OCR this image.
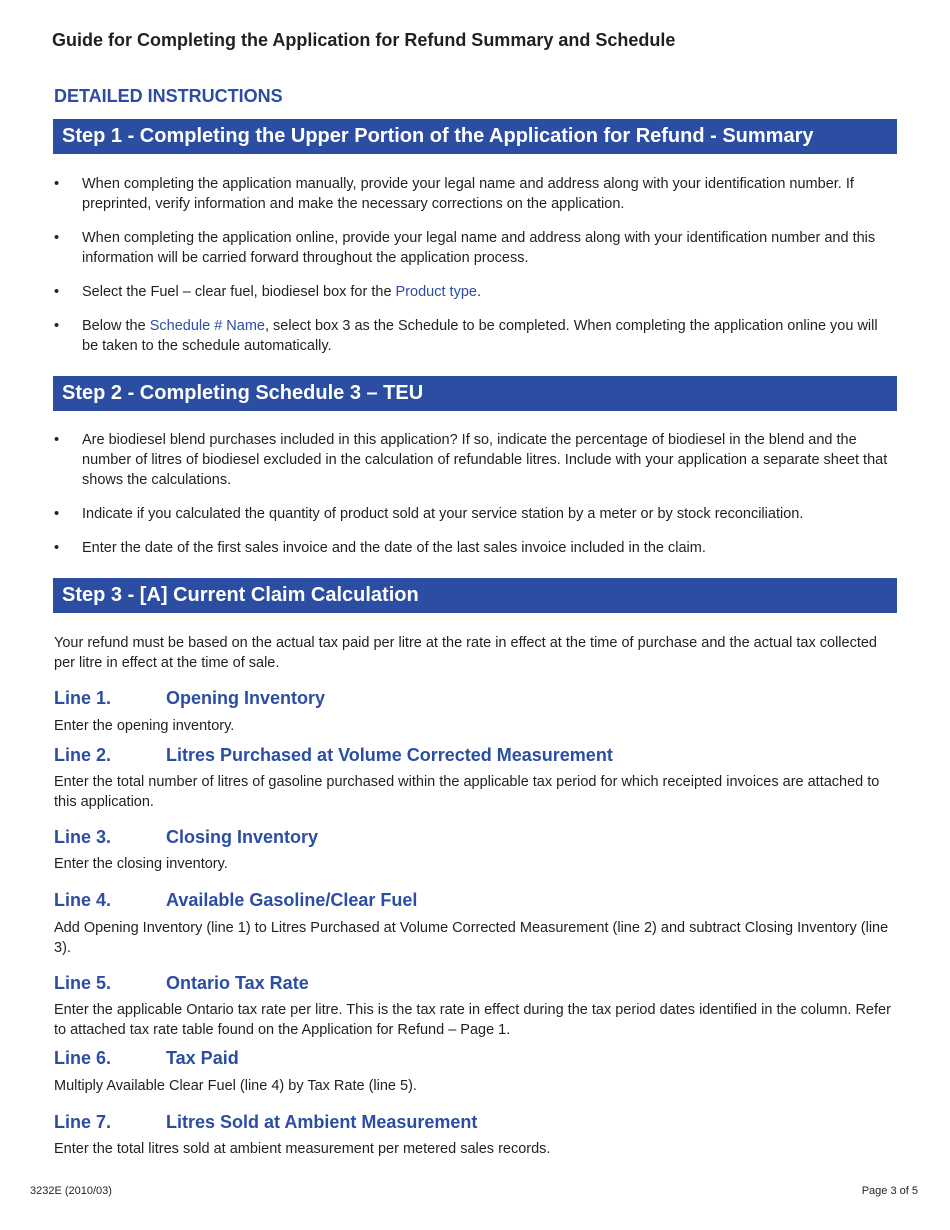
Guide for Completing the Application for Refund Summary and Schedule
DETAILED INSTRUCTIONS
Step 1 - Completing the Upper Portion of the Application for Refund - Summary
• When completing the application manually, provide your legal name and address along with your identification number. If preprinted, verify information and make the necessary corrections on the application.
• When completing the application online, provide your legal name and address along with your identification number and this information will be carried forward throughout the application process.
• Select the Fuel – clear fuel, biodiesel box for the Product type.
• Below the Schedule # Name, select box 3 as the Schedule to be completed. When completing the application online you will be taken to the schedule automatically.
Step 2 - Completing Schedule 3 – TEU
• Are biodiesel blend purchases included in this application? If so, indicate the percentage of biodiesel in the blend and the number of litres of biodiesel excluded in the calculation of refundable litres. Include with your application a separate sheet that shows the calculations.
• Indicate if you calculated the quantity of product sold at your service station by a meter or by stock reconciliation.
• Enter the date of the first sales invoice and the date of the last sales invoice included in the claim.
Step 3 - [A] Current Claim Calculation

Your refund must be based on the actual tax paid per litre at the rate in effect at the time of purchase and the actual tax collected per litre in effect at the time of sale.

Line 1.	Opening Inventory

Enter the opening inventory.

Line 2.	Litres Purchased at Volume Corrected Measurement

Enter the total number of litres of gasoline purchased within the applicable tax period for which receipted invoices are attached to this application.

Line 3.	Closing Inventory

Enter the closing inventory.

Line 4.	Available Gasoline/Clear Fuel

Add Opening Inventory (line 1) to Litres Purchased at Volume Corrected Measurement (line 2) and subtract Closing Inventory (line 3).

Line 5.	Ontario Tax Rate

Enter the applicable Ontario tax rate per litre. This is the tax rate in effect during the tax period dates identified in the column. Refer to attached tax rate table found on the Application for Refund – Page 1.

Line 6.	Tax Paid

Multiply Available Clear Fuel (line 4) by Tax Rate (line 5).

Line 7.	Litres Sold at Ambient Measurement

Enter the total litres sold at ambient measurement per metered sales records.

3232E (2010/03)	Page 3 of 5
